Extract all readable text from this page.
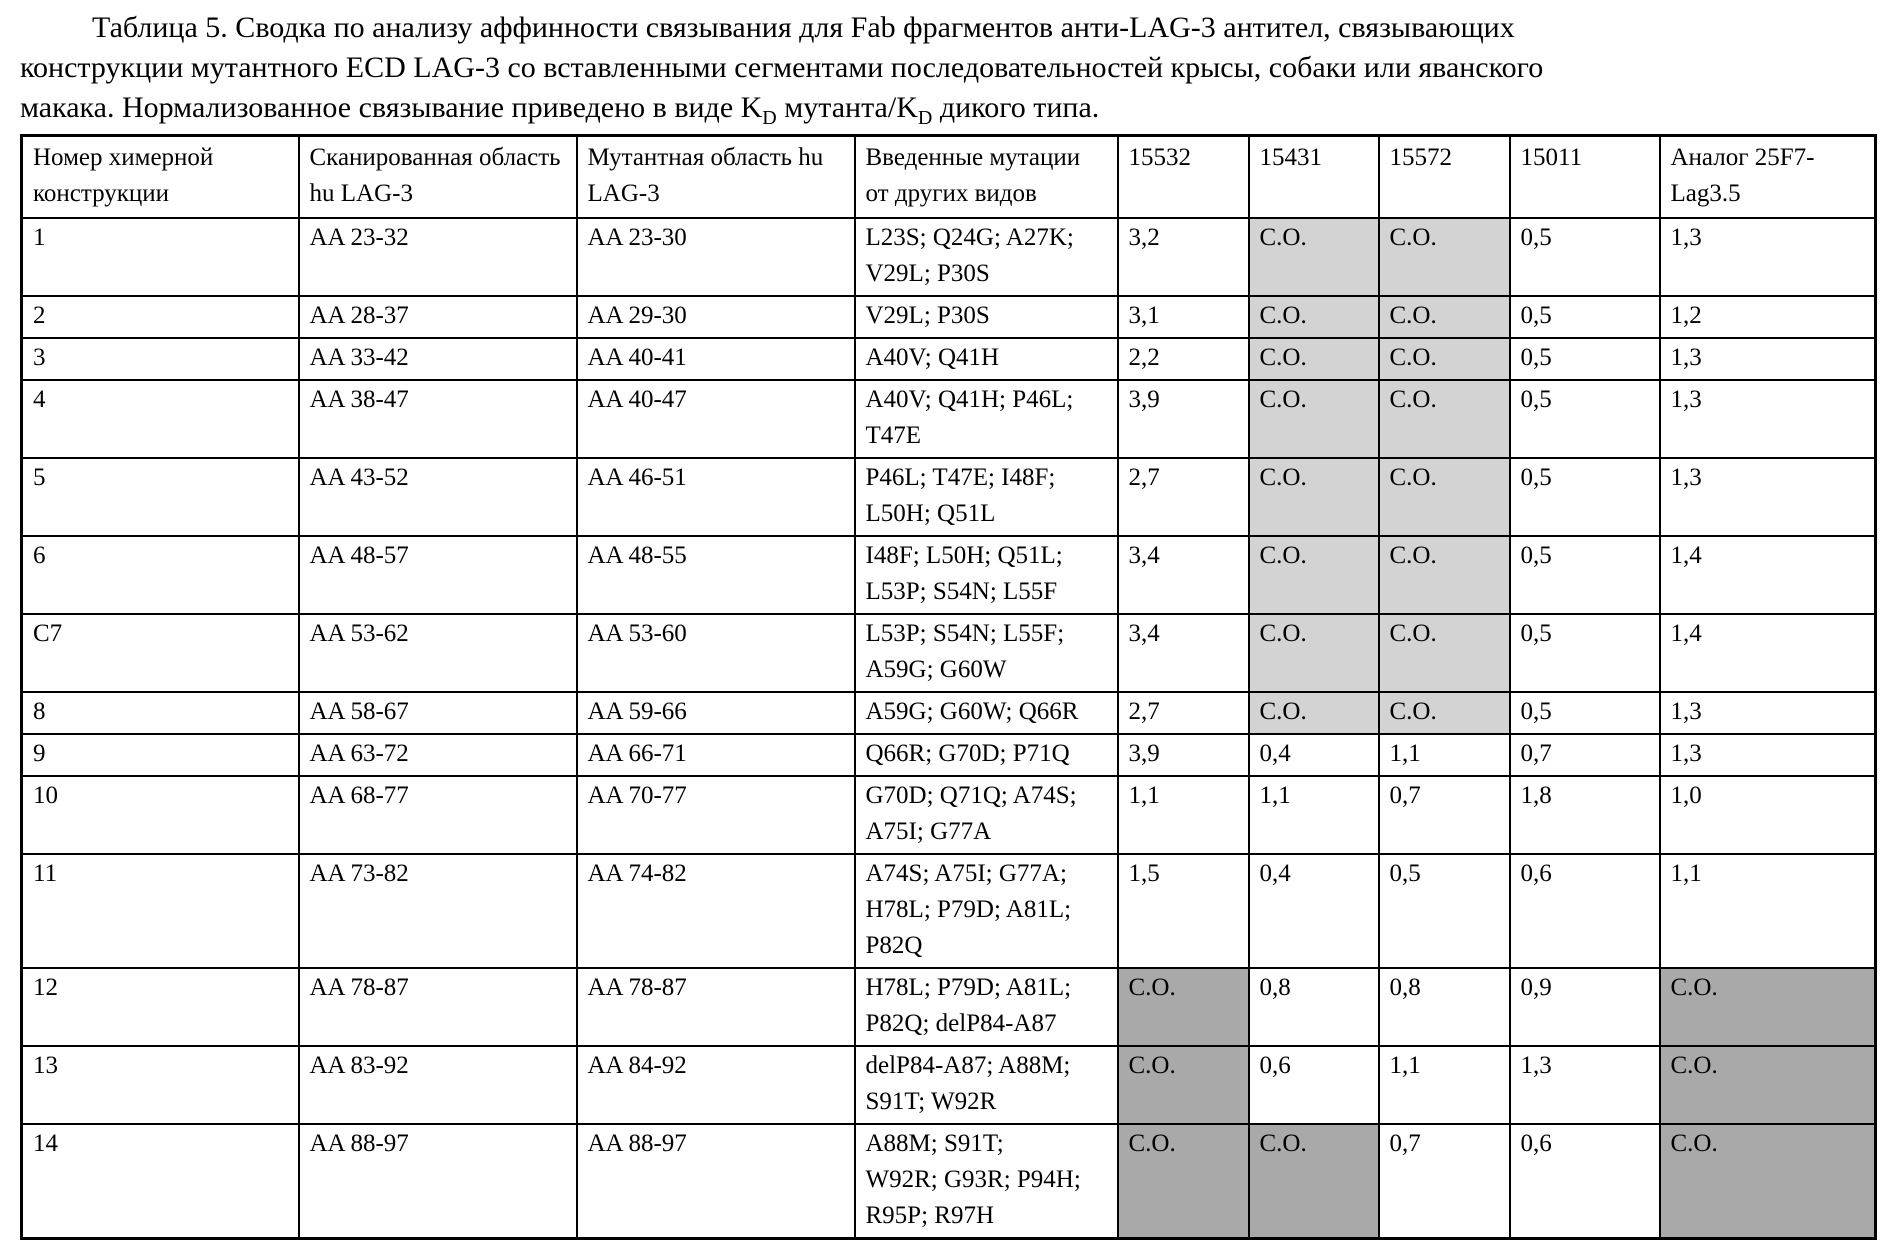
Таблица 5. Сводка по анализу аффинности связывания для Fab фрагментов анти-LAG-3 антител, связывающих
конструкции мутантного ECD LAG-3 со вставленными сегментами последовательностей крысы, собаки или яванского
макака. Нормализованное связывание приведено в виде $K_D$ мутанта/$K_D$ дикого типа.
Номер химерной конструкции	Сканированная область hu LAG-3	Мутантная область hu LAG-3	Введенные мутации от других видов	15532	15431	15572	15011	Аналог 25F7-Lag3.5
1	AA 23-32	AA 23-30	L23S; Q24G; A27K;
V29L; P30S	3,2	С.О.	С.О.	0,5	1,3
2	AA 28-37	AA 29-30	V29L; P30S	3,1	С.О.	С.О.	0,5	1,2
3	AA 33-42	AA 40-41	A40V; Q41H	2,2	С.О.	С.О.	0,5	1,3
4	AA 38-47	AA 40-47	A40V; Q41H; P46L;
T47E	3,9	С.О.	С.О.	0,5	1,3
5	AA 43-52	AA 46-51	P46L; T47E; I48F;
L50H; Q51L	2,7	С.О.	С.О.	0,5	1,3
6	AA 48-57	AA 48-55	I48F; L50H; Q51L;
L53P; S54N; L55F	3,4	С.О.	С.О.	0,5	1,4
C7	AA 53-62	AA 53-60	L53P; S54N; L55F;
A59G; G60W	3,4	С.О.	С.О.	0,5	1,4
8	AA 58-67	AA 59-66	A59G; G60W; Q66R	2,7	С.О.	С.О.	0,5	1,3
9	AA 63-72	AA 66-71	Q66R; G70D; P71Q	3,9	0,4	1,1	0,7	1,3
10	AA 68-77	AA 70-77	G70D; Q71Q; A74S;
A75I; G77A	1,1	1,1	0,7	1,8	1,0
11	AA 73-82	AA 74-82	A74S; A75I; G77A;
H78L; P79D; A81L;
P82Q	1,5	0,4	0,5	0,6	1,1
12	AA 78-87	AA 78-87	H78L; P79D; A81L;
P82Q; delP84-A87	С.О.	0,8	0,8	0,9	С.О.
13	AA 83-92	AA 84-92	delP84-A87; A88M;
S91T; W92R	С.О.	0,6	1,1	1,3	С.О.
14	AA 88-97	AA 88-97	A88M; S91T;
W92R; G93R; P94H;
R95P; R97H	С.О.	С.О.	0,7	0,6	С.О.
